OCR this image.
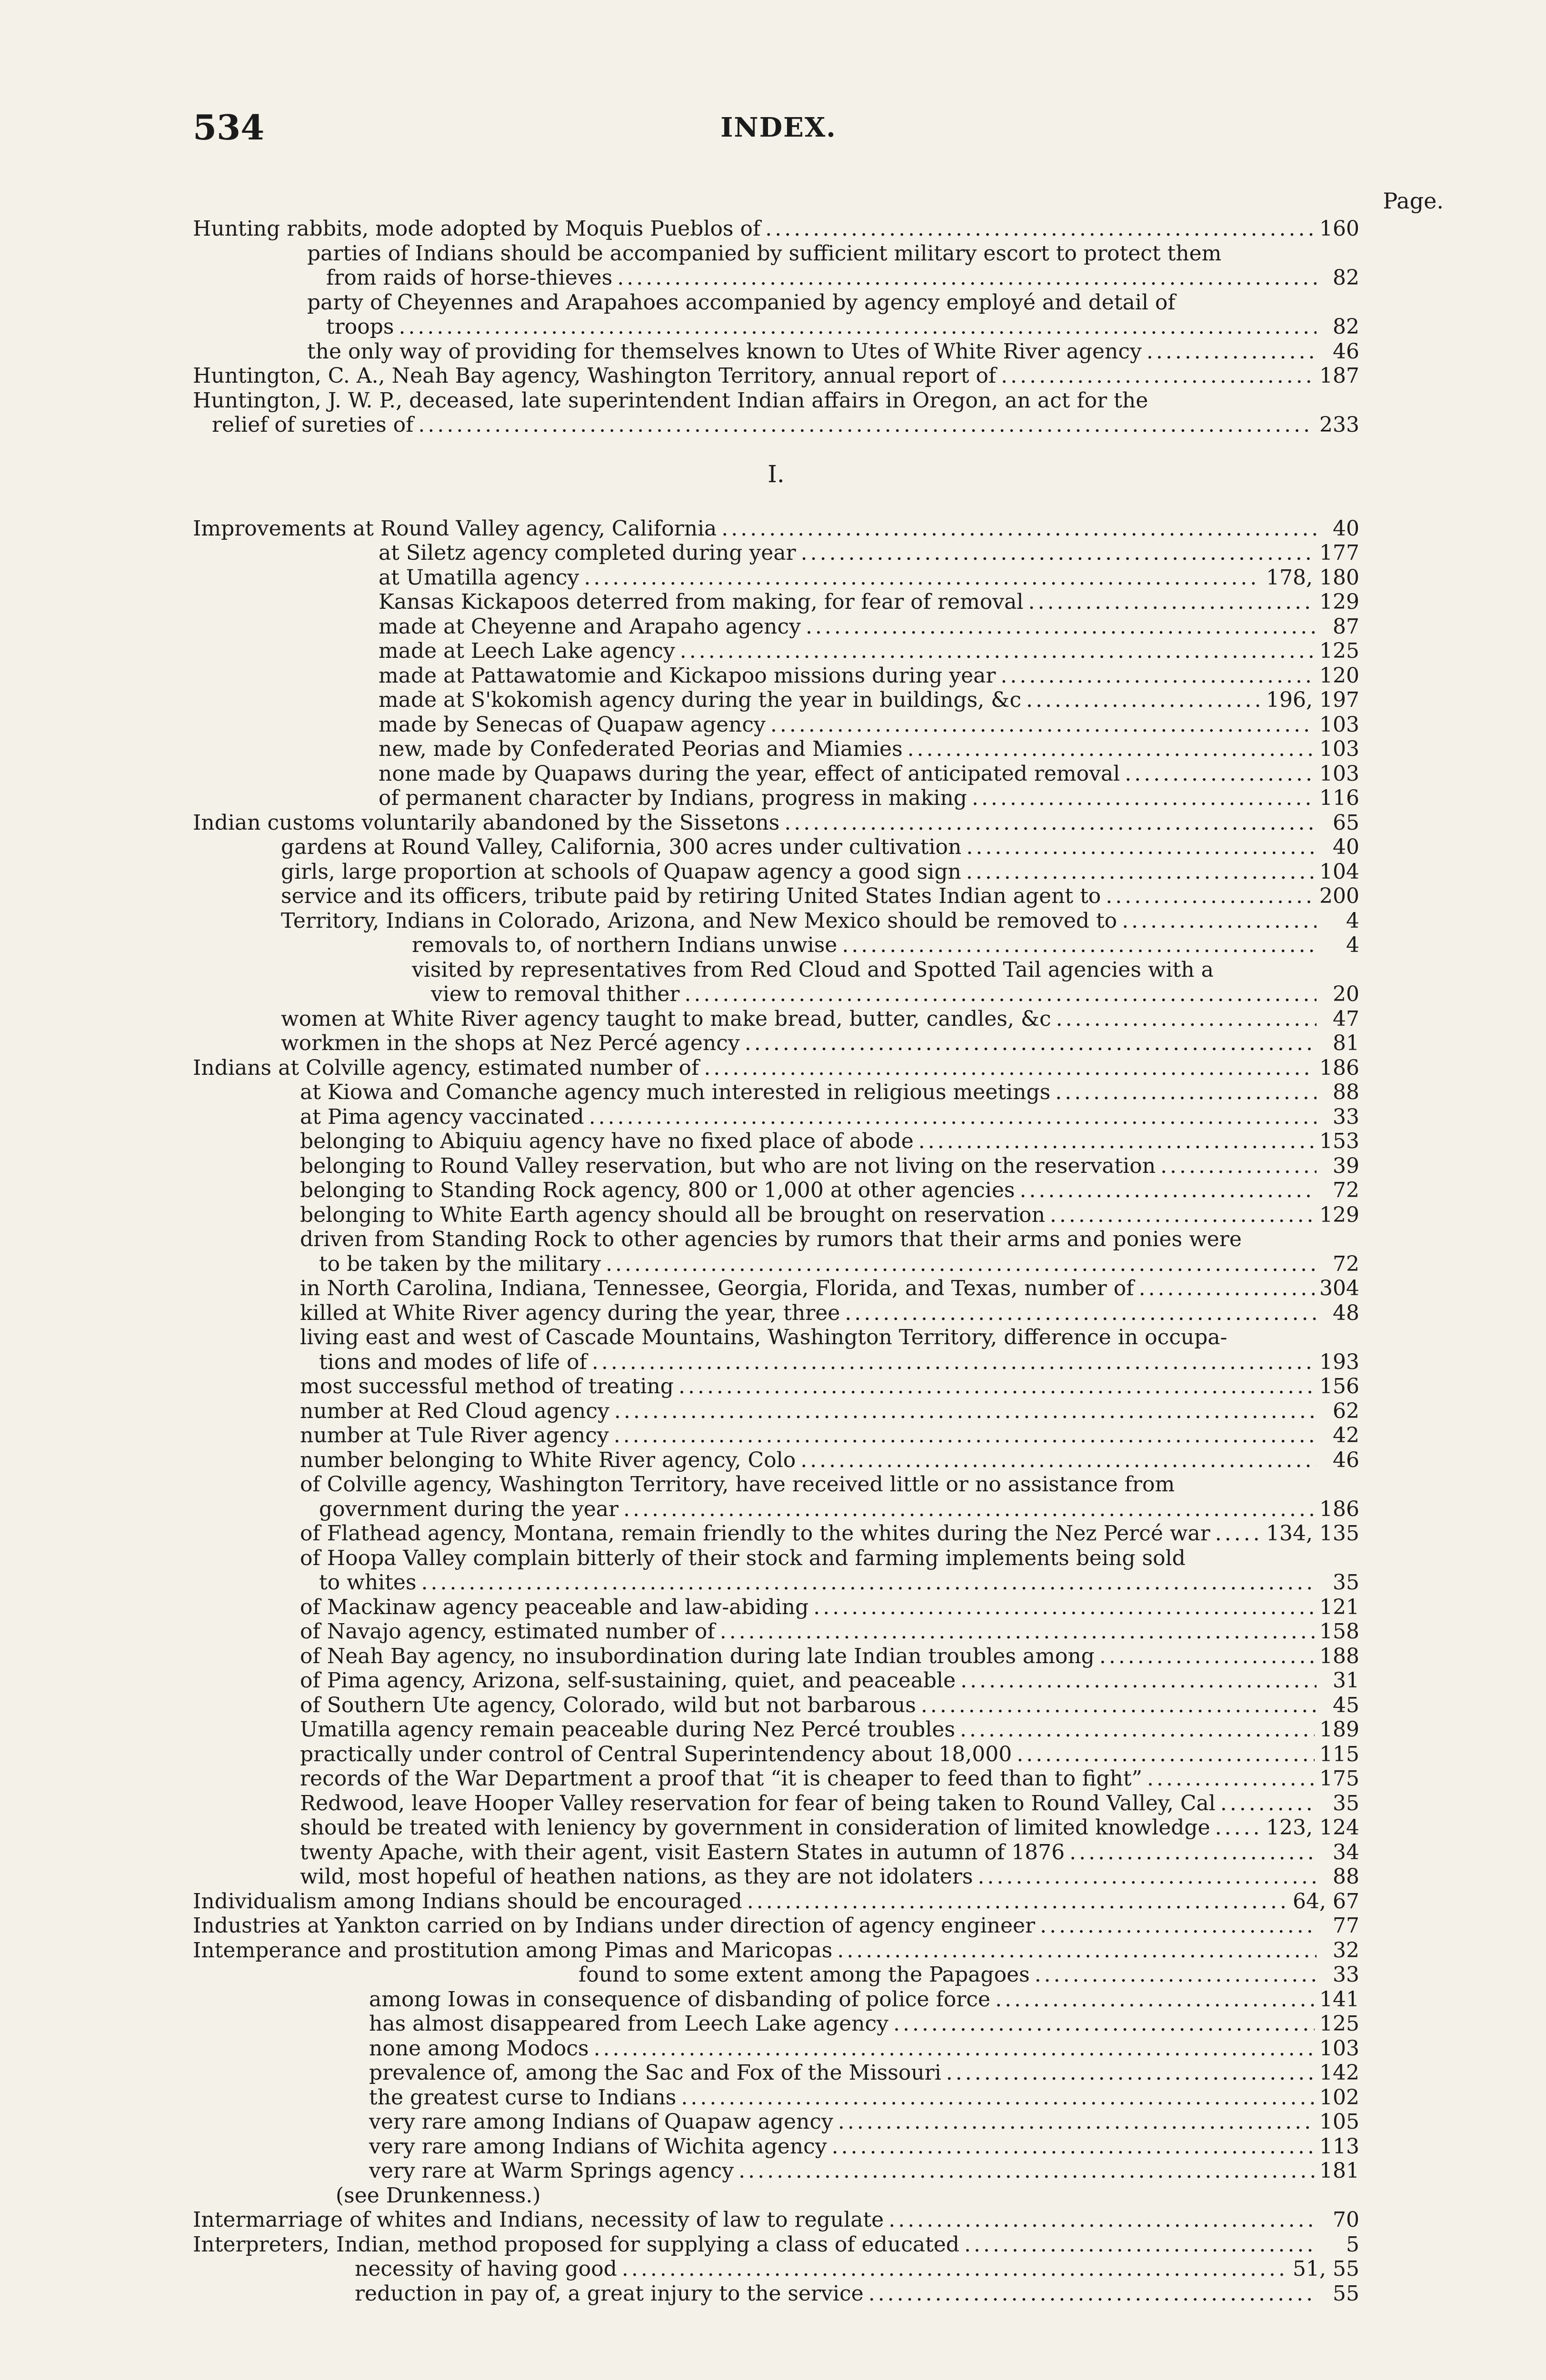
534	INDEX.
Page.
Hunting rabbits, mode adopted by Moquis Pueblos of .....	160
parties of Indians should be accompanied by sufficient military escort to protect them
from raids of horse-thieves .....	82
party of Cheyennes and Arapahoes accompanied by agency employé and detail of
troops .....	82
the only way of providing for themselves known to Utes of White River agency .....	46
Huntington, C. A., Neah Bay agency, Washington Territory, annual report of .....	187
Huntington, J. W. P., deceased, late superintendent Indian affairs in Oregon, an act for the
relief of sureties of .....	233
I.
Improvements at Round Valley agency, California .....	40
at Siletz agency completed during year .....	177
at Umatilla agency .....	178, 180
Kansas Kickapoos deterred from making, for fear of removal .....	129
made at Cheyenne and Arapaho agency .....	87
made at Leech Lake agency .....	125
made at Pattawatomie and Kickapoo missions during year .....	120
made at S'kokomish agency during the year in buildings, &c .....	196, 197
made by Senecas of Quapaw agency .....	103
new, made by Confederated Peorias and Miamies .....	103
none made by Quapaws during the year, effect of anticipated removal .....	103
of permanent character by Indians, progress in making .....	116
Indian customs voluntarily abandoned by the Sissetons .....	65
gardens at Round Valley, California, 300 acres under cultivation .....	40
girls, large proportion at schools of Quapaw agency a good sign .....	104
service and its officers, tribute paid by retiring United States Indian agent to .....	200
Territory, Indians in Colorado, Arizona, and New Mexico should be removed to .....	4
removals to, of northern Indians unwise .....	4
visited by representatives from Red Cloud and Spotted Tail agencies with a
view to removal thither .....	20
women at White River agency taught to make bread, butter, candles, &c .....	47
workmen in the shops at Nez Percé agency .....	81
Indians at Colville agency, estimated number of .....	186
at Kiowa and Comanche agency much interested in religious meetings .....	88
at Pima agency vaccinated .....	33
belonging to Abiquiu agency have no fixed place of abode .....	153
belonging to Round Valley reservation, but who are not living on the reservation .....	39
belonging to Standing Rock agency, 800 or 1,000 at other agencies .....	72
belonging to White Earth agency should all be brought on reservation .....	129
driven from Standing Rock to other agencies by rumors that their arms and ponies were
to be taken by the military .....	72
in North Carolina, Indiana, Tennessee, Georgia, Florida, and Texas, number of .....	304
killed at White River agency during the year, three .....	48
living east and west of Cascade Mountains, Washington Territory, difference in occupa-
tions and modes of life of .....	193
most successful method of treating .....	156
number at Red Cloud agency .....	62
number at Tule River agency .....	42
number belonging to White River agency, Colo .....	46
of Colville agency, Washington Territory, have received little or no assistance from
government during the year .....	186
of Flathead agency, Montana, remain friendly to the whites during the Nez Percé war .....	134, 135
of Hoopa Valley complain bitterly of their stock and farming implements being sold
to whites .....	35
of Mackinaw agency peaceable and law-abiding .....	121
of Navajo agency, estimated number of .....	158
of Neah Bay agency, no insubordination during late Indian troubles among .....	188
of Pima agency, Arizona, self-sustaining, quiet, and peaceable .....	31
of Southern Ute agency, Colorado, wild but not barbarous .....	45
Umatilla agency remain peaceable during Nez Percé troubles .....	189
practically under control of Central Superintendency about 18,000 .....	115
records of the War Department a proof that “it is cheaper to feed than to fight” .....	175
Redwood, leave Hooper Valley reservation for fear of being taken to Round Valley, Cal .....	35
should be treated with leniency by government in consideration of limited knowledge .....	123, 124
twenty Apache, with their agent, visit Eastern States in autumn of 1876 .....	34
wild, most hopeful of heathen nations, as they are not idolaters .....	88
Individualism among Indians should be encouraged .....	64, 67
Industries at Yankton carried on by Indians under direction of agency engineer .....	77
Intemperance and prostitution among Pimas and Maricopas .....	32
found to some extent among the Papagoes .....	33
among Iowas in consequence of disbanding of police force .....	141
has almost disappeared from Leech Lake agency .....	125
none among Modocs .....	103
prevalence of, among the Sac and Fox of the Missouri .....	142
the greatest curse to Indians .....	102
very rare among Indians of Quapaw agency .....	105
very rare among Indians of Wichita agency .....	113
very rare at Warm Springs agency .....	181
(see Drunkenness.)
Intermarriage of whites and Indians, necessity of law to regulate .....	70
Interpreters, Indian, method proposed for supplying a class of educated .....	5
necessity of having good .....	51, 55
reduction in pay of, a great injury to the service .....	55
